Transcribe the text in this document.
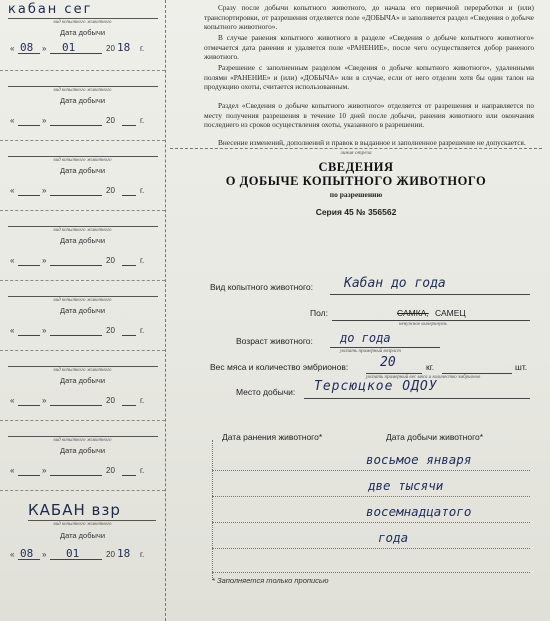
кабан сег
вид копытного животного
Дата добычи
« 08 » 01	20 18 г.
вид копытного животного
Дата добычи
«	»	20	г.
вид копытного животного
Дата добычи
«	»	20	г.
вид копытного животного
Дата добычи
«	»	20	г.
вид копытного животного
Дата добычи
«	»	20	г.
вид копытного животного
Дата добычи
«	»	20	г.
вид копытного животного
Дата добычи
«	»	20	г.
КАБАН взр
вид копытного животного
Дата добычи
« 08 » 01	20 18 г.

Сразу после добычи копытного животного, до начала его первичной переработки и (или) транспортировки, от разрешения отделяется поле «ДОБЫЧА» и заполняется раздел «Сведения о добыче копытного животного».

В случае ранения копытного животного в разделе «Сведения о добыче копытного животного» отмечается дата ранения и удаляется поле «РАНЕНИЕ», после чего осуществляется добор раненого животного.

Разрешение с заполненным разделом «Сведения о добыче копытного животного», удаленными полями «РАНЕНИЕ» и (или) «ДОБЫЧА» или в случае, если от него отделен хотя бы один талон на продукцию охоты, считается использованным.

Раздел «Сведения о добыче копытного животного» отделяется от разрешения и направляется по месту получения разрешения в течение 10 дней после добычи, ранения животного или окончания последнего из сроков осуществления охоты, указанного в разрешении.

Внесение изменений, дополнений и правок в выданное и заполненное разрешение не допускается.

линия отреза
СВЕДЕНИЯ
О ДОБЫЧЕ КОПЫТНОГО ЖИВОТНОГО
по разрешению
Серия 45 № 356562
Вид копытного животного: Кабан до года
Пол:	САМКА, САМЕЦ
ненужное вычеркнуть
Возраст животного: до года
указать примерный возраст
Вес мяса и количество эмбрионов: 20	кг.	шт.
указать примерный вес мяса и количество эмбрионов
Место добычи: Терсюцкое ОДОУ
Дата ранения животного*	Дата добычи животного*
восьмое января
две тысячи
восемнадцатого
года
* Заполняется только прописью
